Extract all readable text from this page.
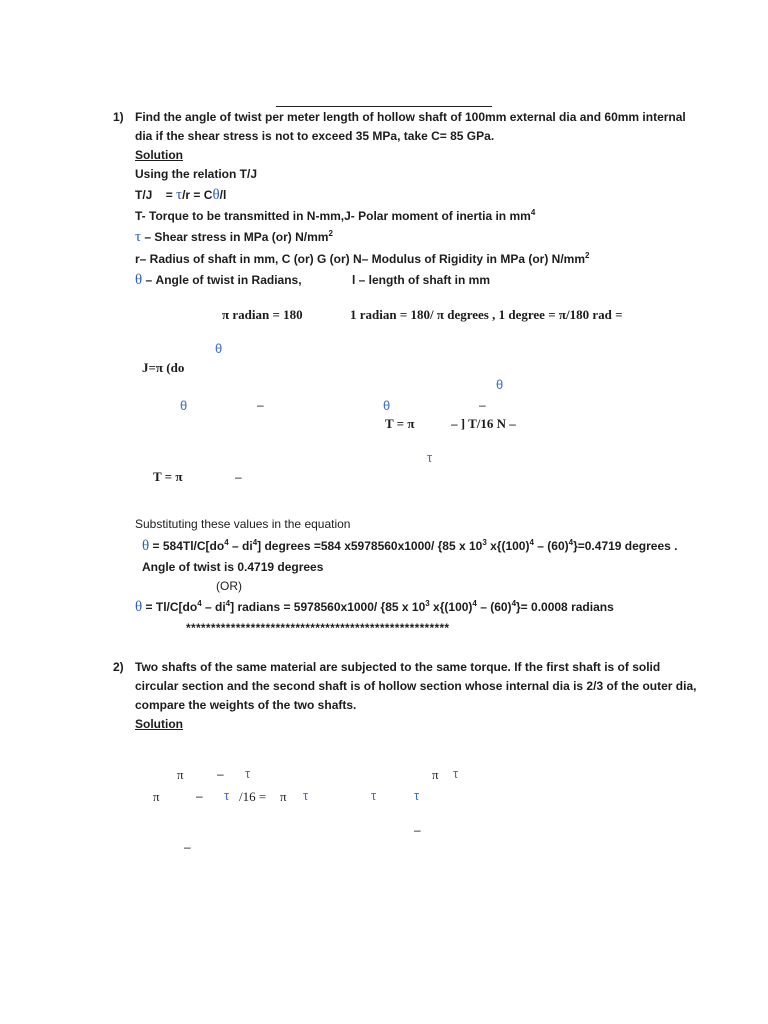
1) Find the angle of twist per meter length of hollow shaft of 100mm external dia and 60mm internal
dia if the shear stress is not to exceed 35 MPa, take C= 85 GPa.
Solution
Using the relation T/J
T/J = τ/r = Cθ/l
T- Torque to be transmitted in N-mm,J- Polar moment of inertia in $mm^4$
τ – Shear stress in MPa (or) $N/mm^2$
r– Radius of shaft in mm, C (or) G (or) N– Modulus of Rigidity in MPa (or) $N/mm^2$
θ – Angle of twist in Radians,	l – length of shaft in mm
π radian = 180	1 radian = 180/ π degrees , 1 degree = π/180 rad =
θ
J=π (do
θ
θ	–	θ	–
T = π	– ] T/16 N –
τ
T = π	–
Substituting these values in the equation
$\theta = 584Tl/C[do^4 - di^4]$ degrees =584 x5978560x1000/ {85 x $10^3$ $x\{(100)^4 - (60)^4\}=0.4719$ degrees .
Angle of twist is 0.4719 degrees
(OR)
$\theta = Tl/C[do^4 - di^4]$ radians = 5978560x1000/ {85 x $10^3$ $x\{(100)^4 - (60)^4\}= 0.0008$ radians
*****************************************************
2) Two shafts of the same material are subjected to the same torque. If the first shaft is of solid
circular section and the second shaft is of hollow section whose internal dia is 2/3 of the outer dia,
compare the weights of the two shafts.
Solution
π	– τ	π τ
π	– τ /16 = π τ	τ	τ
–
–
